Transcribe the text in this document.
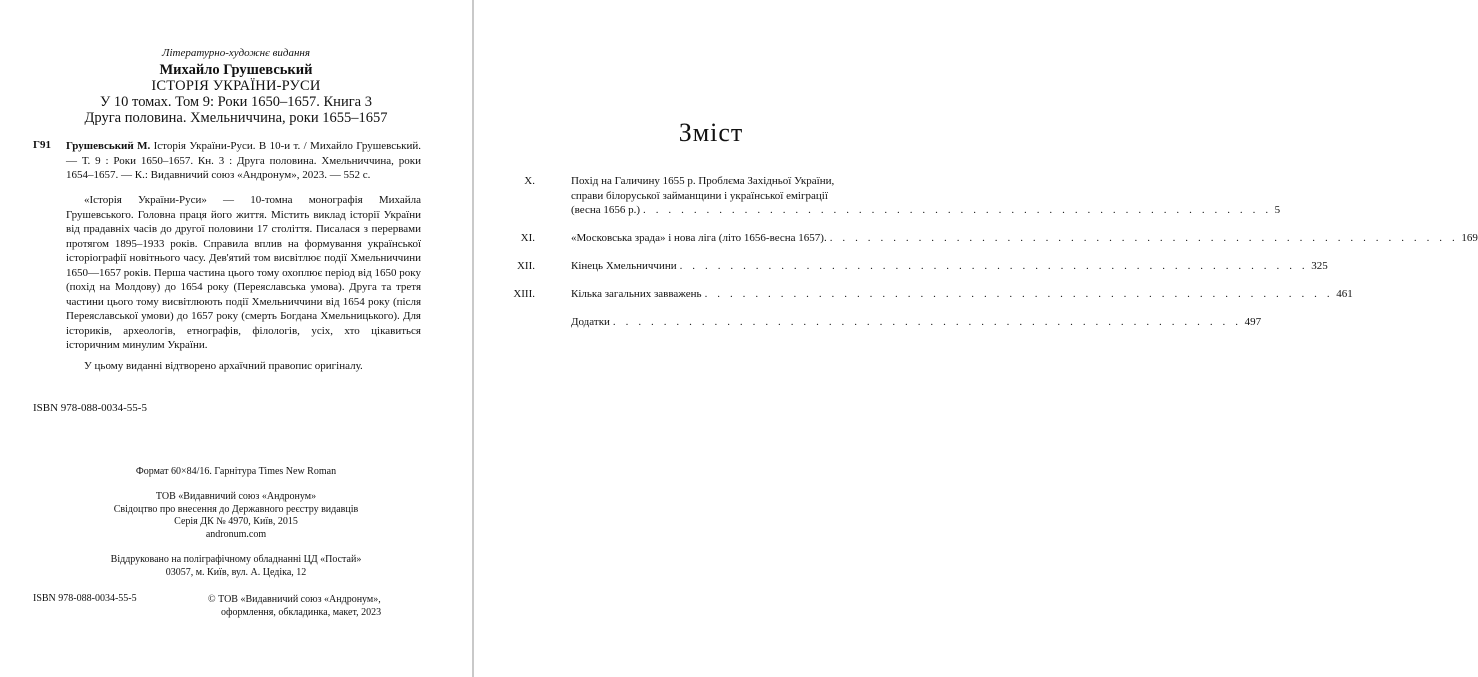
Літературно-художнє видання
Михайло Грушевський
ІСТОРІЯ УКРАЇНИ-РУСИ
У 10 томах. Том 9: Роки 1650–1657. Книга 3
Друга половина. Хмельниччина, роки 1655–1657
Г91 Грушевський М. Історія України-Руси. В 10-и т. / Михайло Грушевський. — Т. 9 : Роки 1650–1657. Кн. 3 : Друга половина. Хмельниччина, роки 1654–1657. — К.: Видавничий союз «Андронум», 2023. — 552 с.
«Історія України-Руси» — 10-томна монографія Михайла Грушевського. Головна праця його життя. Містить виклад історії України від прадавніх часів до другої половини 17 століття. Писалася з перервами протягом 1895–1933 років. Справила вплив на формування української історіографії новітнього часу. Дев'ятий том висвітлює події Хмельниччини 1650—1657 років. Перша частина цього тому охоплює період від 1650 року (похід на Молдову) до 1654 року (Переяславська умова). Друга та третя частини цього тому висвітлюють події Хмельниччини від 1654 року (після Переяславської умови) до 1657 року (смерть Богдана Хмельницького). Для істориків, археологів, етнографів, філологів, усіх, хто цікавиться історичним минулим України.
У цьому виданні відтворено архаїчний правопис оригіналу.
ISBN 978-088-0034-55-5
Формат 60×84/16. Гарнітура Times New Roman
ТОВ «Видавничий союз «Андронум»
Свідоцтво про внесення до Державного реєстру видавців
Серія ДК № 4970, Київ, 2015
andronum.com
Віддруковано на поліграфічному обладнанні ЦД «Постай»
03057, м. Київ, вул. А. Цедіка, 12
ISBN 978-088-0034-55-5	© ТОВ «Видавничий союз «Андронум»,
оформлення, обкладинка, макет, 2023
Зміст
X.	Похід на Галичину 1655 р. Проблєма Західньої України,
справи білоруської займанщини і української еміграції
(весна 1656 р.) . . . . . . . . . . . . . . . . . . . . . . . . . . . . . . . . . . . . . . . . . . . . . . . . . . 5
XI.	«Московська зрада» і нова ліга (літо 1656-весна 1657). . . . . . . . . . . . . . . . . . . . . . . . . . . . . . . . . . . . . . . . . . . . . . . . . . . 169
XII.	Кінець Хмельниччини . . . . . . . . . . . . . . . . . . . . . . . . . . . . . . . . . . . . . . . . . . . . . . . . . . 325
XIII.	Кілька загальних завважень . . . . . . . . . . . . . . . . . . . . . . . . . . . . . . . . . . . . . . . . . . . . . . . . . . 461
Додатки . . . . . . . . . . . . . . . . . . . . . . . . . . . . . . . . . . . . . . . . . . . . . . . . . . 497
